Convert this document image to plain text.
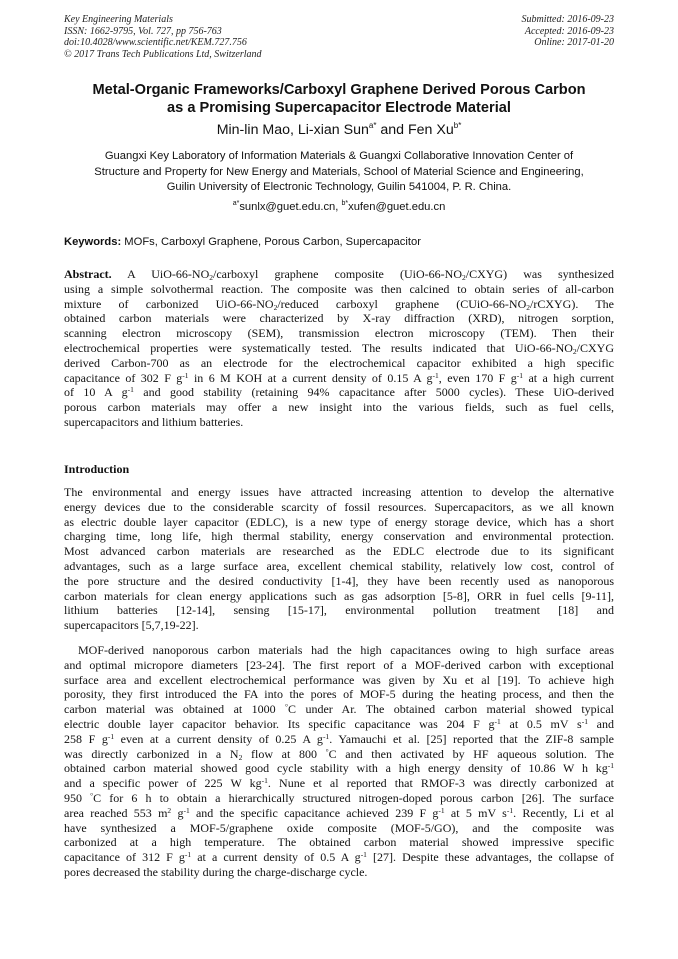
Key Engineering Materials
ISSN: 1662-9795, Vol. 727, pp 756-763
doi:10.4028/www.scientific.net/KEM.727.756
© 2017 Trans Tech Publications Ltd, Switzerland
Submitted: 2016-09-23
Accepted: 2016-09-23
Online: 2017-01-20
Metal-Organic Frameworks/Carboxyl Graphene Derived Porous Carbon
as a Promising Supercapacitor Electrode Material
Min-lin Mao, Li-xian Sun$^{a*}$ and Fen $Xu^{b*}$
Guangxi Key Laboratory of Information Materials & Guangxi Collaborative Innovation Center of
Structure and Property for New Energy and Materials, School of Material Science and Engineering,
Guilin University of Electronic Technology, Guilin 541004, P. R. China.
$^{a*}$sunlx@guet.edu.cn, $^{b*}$xufen@guet.edu.cn
Keywords: MOFs, Carboxyl Graphene, Porous Carbon, Supercapacitor
Abstract. A UiO-$66-NO_2$/carboxyl graphene composite $(UiO-66-NO_2/CXYG)$ was synthesized
using a simple solvothermal reaction. The composite was then calcined to obtain series of all-carbon
mixture of carbonized UiO-$66-NO_2$/reduced carboxyl graphene $(CUiO-66-NO_2/rCXYG)$. The
obtained carbon materials were characterized by X-ray diffraction (XRD), nitrogen sorption,
scanning electron microscopy (SEM), transmission electron microscopy (TEM). Then their
electrochemical properties were systematically tested. The results indicated that UiO-$66-NO_2$/CXYG
derived Carbon-700 as an electrode for the electrochemical capacitor exhibited a high specific
capacitance of 302 F $g^{-1}$ in 6 M KOH at a current density of 0.15 A $g^{-1}$, even 170 F $g^{-1}$ at a high current
of 10 A $g^{-1}$ and good stability (retaining 94% capacitance after 5000 cycles). These UiO-derived
porous carbon materials may offer a new insight into the various fields, such as fuel cells,
supercapacitors and lithium batteries.
Introduction
The environmental and energy issues have attracted increasing attention to develop the alternative
energy devices due to the considerable scarcity of fossil resources. Supercapacitors, as we all known
as electric double layer capacitor (EDLC), is a new type of energy storage device, which has a short
charging time, long life, high thermal stability, energy conservation and environmental protection.
Most advanced carbon materials are researched as the EDLC electrode due to its significant
advantages, such as a large surface area, excellent chemical stability, relatively low cost, control of
the pore structure and the desired conductivity [1-4], they have been recently used as nanoporous
carbon materials for clean energy applications such as gas adsorption [5-8], ORR in fuel cells [9-11],
lithium batteries [12-14], sensing [15-17], environmental pollution treatment [18] and
supercapacitors [5,7,19-22].
MOF-derived nanoporous carbon materials had the high capacitances owing to high surface areas
and optimal micropore diameters [23-24]. The first report of a MOF-derived carbon with exceptional
surface area and excellent electrochemical performance was given by Xu et al [19]. To achieve high
porosity, they first introduced the FA into the pores of MOF-5 during the heating process, and then the
carbon material was obtained at 1000 °C under Ar. The obtained carbon material showed typical
electric double layer capacitor behavior. Its specific capacitance was 204 F $g^{-1}$ at 0.5 mV $s^{-1}$ and
258 F $g^{-1}$ even at a current density of 0.25 A $g^{-1}$. Yamauchi et al. [25] reported that the ZIF-8 sample
was directly carbonized in a $N_2$ flow at 800 °C and then activated by HF aqueous solution. The
obtained carbon material showed good cycle stability with a high energy density of 10.86 W h $kg^{-1}$
and a specific power of 225 W $kg^{-1}$. Nune et al reported that RMOF-3 was directly carbonized at
950 °C for 6 h to obtain a hierarchically structured nitrogen-doped porous carbon [26]. The surface
area reached 553 $m^2$ $g^{-1}$ and the specific capacitance achieved 239 F $g^{-1}$ at 5 mV $s^{-1}$. Recently, Li et al
have synthesized a MOF-5/graphene oxide composite (MOF-5/GO), and the composite was
carbonized at a high temperature. The obtained carbon material showed impressive specific
capacitance of 312 F $g^{-1}$ at a current density of 0.5 A $g^{-1}$ [27]. Despite these advantages, the collapse of
pores decreased the stability during the charge-discharge cycle.
